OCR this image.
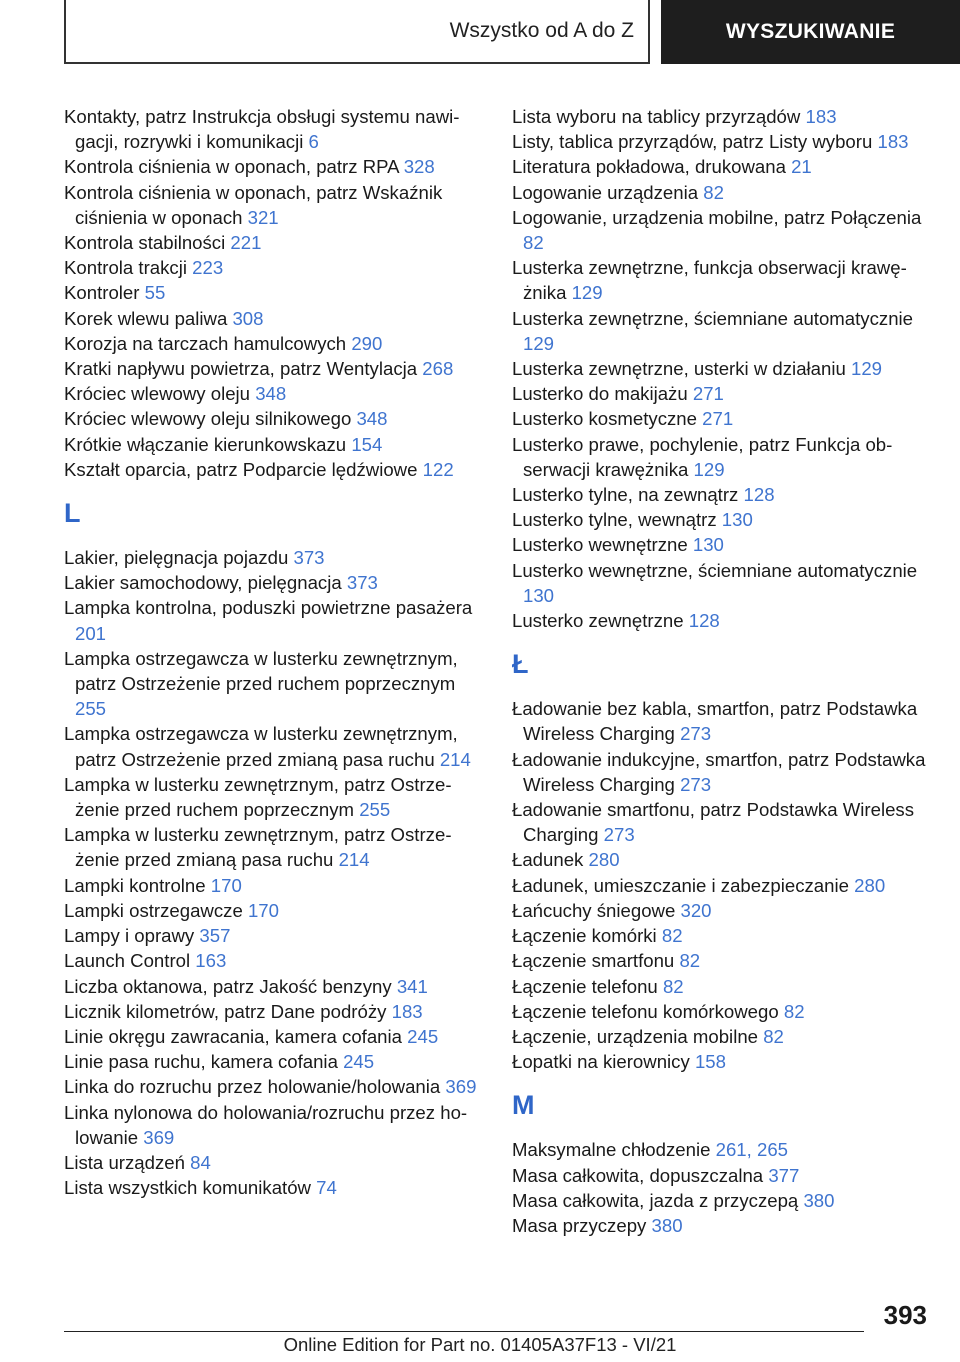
Wszystko od A do Z	WYSZUKIWANIE
Kontakty, patrz Instrukcja obsługi systemu nawigacji, rozrywki i komunikacji 6
Kontrola ciśnienia w oponach, patrz RPA 328
Kontrola ciśnienia w oponach, patrz Wskaźnik ciśnienia w oponach 321
Kontrola stabilności 221
Kontrola trakcji 223
Kontroler 55
Korek wlewu paliwa 308
Korozja na tarczach hamulcowych 290
Kratki napływu powietrza, patrz Wentylacja 268
Króciec wlewowy oleju 348
Króciec wlewowy oleju silnikowego 348
Krótkie włączanie kierunkowskazu 154
Kształt oparcia, patrz Podparcie lędźwiowe 122
L
Lakier, pielęgnacja pojazdu 373
Lakier samochodowy, pielęgnacja 373
Lampka kontrolna, poduszki powietrzne pasażera 201
Lampka ostrzegawcza w lusterku zewnętrznym, patrz Ostrzeżenie przed ruchem poprzecznym 255
Lampka ostrzegawcza w lusterku zewnętrznym, patrz Ostrzeżenie przed zmianą pasa ruchu 214
Lampka w lusterku zewnętrznym, patrz Ostrzeżenie przed ruchem poprzecznym 255
Lampka w lusterku zewnętrznym, patrz Ostrzeżenie przed zmianą pasa ruchu 214
Lampki kontrolne 170
Lampki ostrzegawcze 170
Lampy i oprawy 357
Launch Control 163
Liczba oktanowa, patrz Jakość benzyny 341
Licznik kilometrów, patrz Dane podróży 183
Linie okręgu zawracania, kamera cofania 245
Linie pasa ruchu, kamera cofania 245
Linka do rozruchu przez holowanie/holowania 369
Linka nylonowa do holowania/rozruchu przez holowanie 369
Lista urządzeń 84
Lista wszystkich komunikatów 74
Lista wyboru na tablicy przyrządów 183
Listy, tablica przyrządów, patrz Listy wyboru 183
Literatura pokładowa, drukowana 21
Logowanie urządzenia 82
Logowanie, urządzenia mobilne, patrz Połączenia 82
Lusterka zewnętrzne, funkcja obserwacji krawężnika 129
Lusterka zewnętrzne, ściemniane automatycznie 129
Lusterka zewnętrzne, usterki w działaniu 129
Lusterko do makijażu 271
Lusterko kosmetyczne 271
Lusterko prawe, pochylenie, patrz Funkcja obserwacji krawężnika 129
Lusterko tylne, na zewnątrz 128
Lusterko tylne, wewnątrz 130
Lusterko wewnętrzne 130
Lusterko wewnętrzne, ściemniane automatycznie 130
Lusterko zewnętrzne 128
Ł
Ładowanie bez kabla, smartfon, patrz Podstawka Wireless Charging 273
Ładowanie indukcyjne, smartfon, patrz Podstawka Wireless Charging 273
Ładowanie smartfonu, patrz Podstawka Wireless Charging 273
Ładunek 280
Ładunek, umieszczanie i zabezpieczanie 280
Łańcuchy śniegowe 320
Łączenie komórki 82
Łączenie smartfonu 82
Łączenie telefonu 82
Łączenie telefonu komórkowego 82
Łączenie, urządzenia mobilne 82
Łopatki na kierownicy 158
M
Maksymalne chłodzenie 261, 265
Masa całkowita, dopuszczalna 377
Masa całkowita, jazda z przyczepą 380
Masa przyczepy 380
393
Online Edition for Part no. 01405A37F13 - VI/21
